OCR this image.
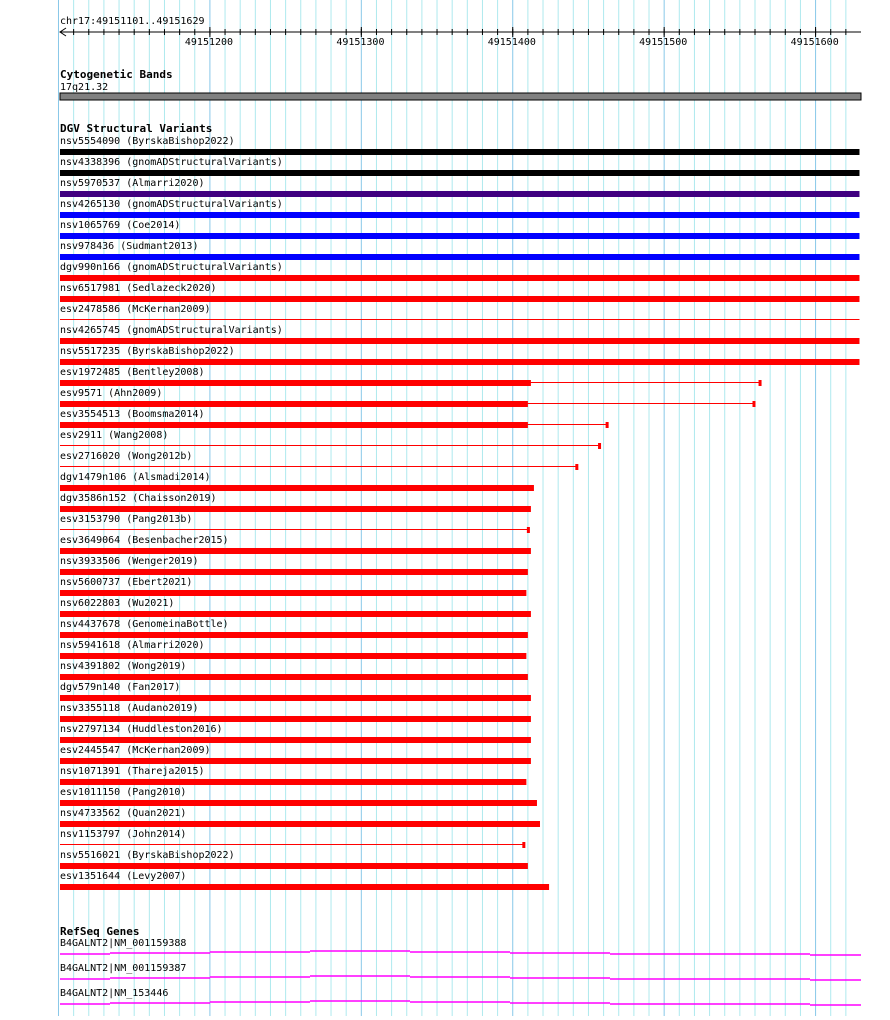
chr17:49151101..49151629
49151200	49151300	49151400	49151500	49151600
Cytogenetic Bands
17q21.32
DGV Structural Variants
nsv5554090 (ByrskaBishop2022)
nsv4338396 (gnomADStructuralVariants)
nsv5970537 (Almarri2020)
nsv4265130 (gnomADStructuralVariants)
nsv1065769 (Coe2014)
nsv978436 (Sudmant2013)
dgv990n166 (gnomADStructuralVariants)
nsv6517981 (Sedlazeck2020)
esv2478586 (McKernan2009)
nsv4265745 (gnomADStructuralVariants)
nsv5517235 (ByrskaBishop2022)
esv1972485 (Bentley2008)
esv9571 (Ahn2009)
esv3554513 (Boomsma2014)
esv2911 (Wang2008)
esv2716020 (Wong2012b)
dgv1479n106 (Alsmadi2014)
dgv3586n152 (Chaisson2019)
esv3153790 (Pang2013b)
esv3649064 (Besenbacher2015)
nsv3933506 (Wenger2019)
nsv5600737 (Ebert2021)
nsv6022803 (Wu2021)
nsv4437678 (GenomeinaBottle)
nsv5941618 (Almarri2020)
nsv4391802 (Wong2019)
dgv579n140 (Fan2017)
nsv3355118 (Audano2019)
nsv2797134 (Huddleston2016)
esv2445547 (McKernan2009)
nsv1071391 (Thareja2015)
esv1011150 (Pang2010)
nsv4733562 (Quan2021)
nsv1153797 (John2014)
nsv5516021 (ByrskaBishop2022)
esv1351644 (Levy2007)
RefSeq Genes
B4GALNT2|NM_001159388
B4GALNT2|NM_001159387
B4GALNT2|NM_153446
